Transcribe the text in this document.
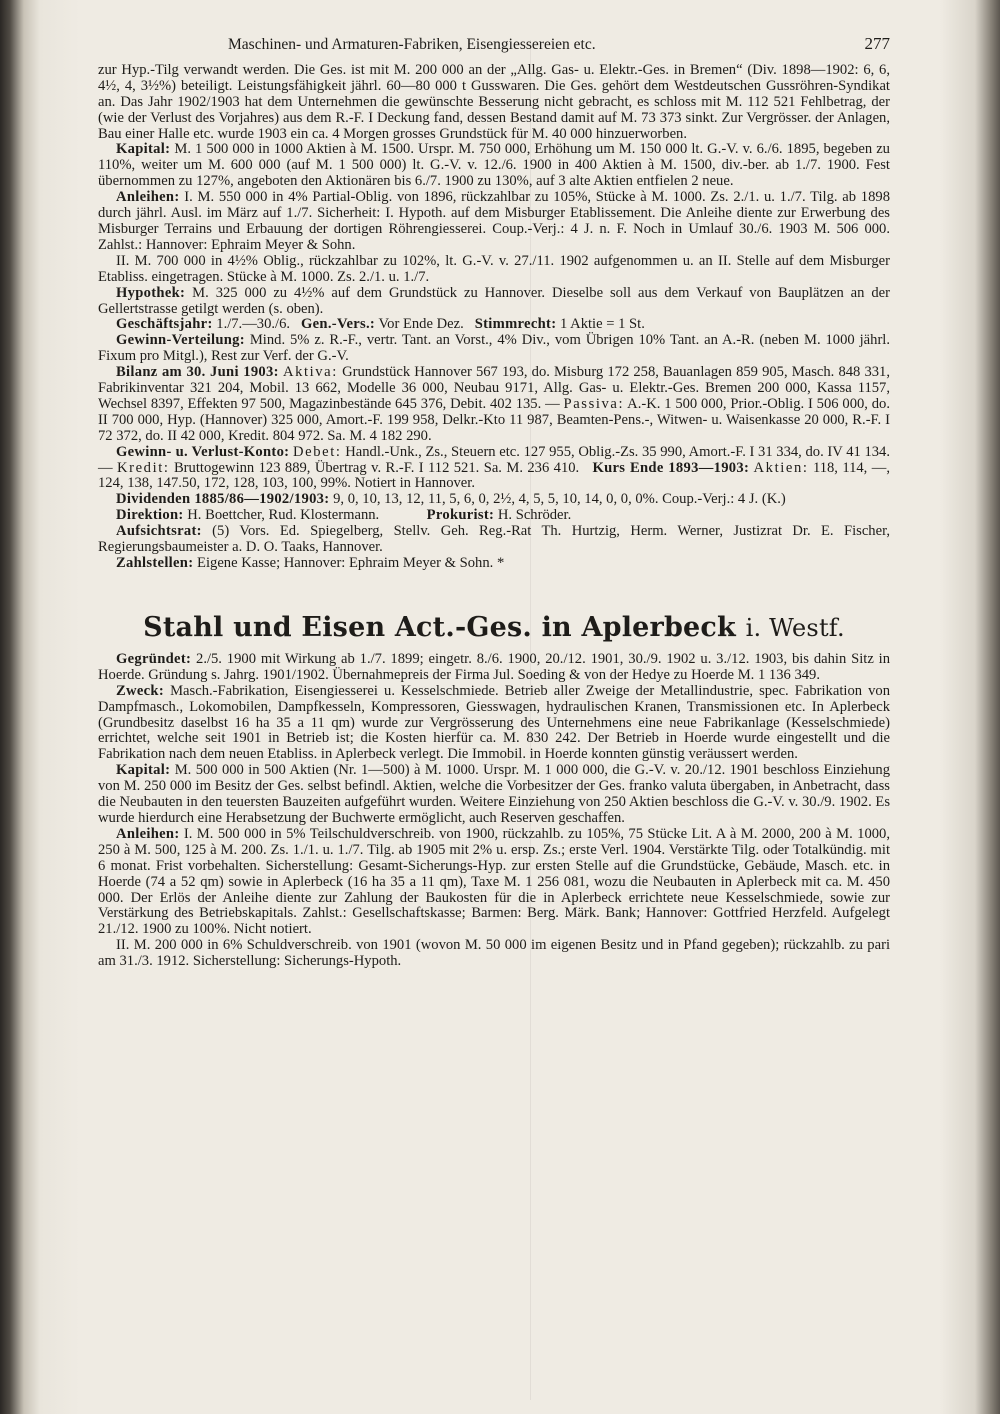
Maschinen- und Armaturen-Fabriken, Eisengiessereien etc.	277

zur Hyp.-Tilg verwandt werden. Die Ges. ist mit M. 200 000 an der „Allg. Gas- u. Elektr.-Ges. in Bremen“ (Div. 1898—1902: 6, 6, 4½, 4, 3½%) beteiligt. Leistungsfähigkeit jährl. 60—80 000 t Gusswaren. Die Ges. gehört dem Westdeutschen Gussröhren-Syndikat an. Das Jahr 1902/1903 hat dem Unternehmen die gewünschte Besserung nicht gebracht, es schloss mit M. 112 521 Fehlbetrag, der (wie der Verlust des Vorjahres) aus dem R.-F. I Deckung fand, dessen Bestand damit auf M. 73 373 sinkt. Zur Vergrösser. der Anlagen, Bau einer Halle etc. wurde 1903 ein ca. 4 Morgen grosses Grundstück für M. 40 000 hinzuerworben.

Kapital: M. 1 500 000 in 1000 Aktien à M. 1500. Urspr. M. 750 000, Erhöhung um M. 150 000 lt. G.-V. v. 6./6. 1895, begeben zu 110%, weiter um M. 600 000 (auf M. 1 500 000) lt. G.-V. v. 12./6. 1900 in 400 Aktien à M. 1500, div.-ber. ab 1./7. 1900. Fest übernommen zu 127%, angeboten den Aktionären bis 6./7. 1900 zu 130%, auf 3 alte Aktien entfielen 2 neue.

Anleihen: I. M. 550 000 in 4% Partial-Oblig. von 1896, rückzahlbar zu 105%, Stücke à M. 1000. Zs. 2./1. u. 1./7. Tilg. ab 1898 durch jährl. Ausl. im März auf 1./7. Sicherheit: I. Hypoth. auf dem Misburger Etablissement. Die Anleihe diente zur Erwerbung des Misburger Terrains und Erbauung der dortigen Röhrengiesserei. Coup.-Verj.: 4 J. n. F. Noch in Umlauf 30./6. 1903 M. 506 000. Zahlst.: Hannover: Ephraim Meyer & Sohn.

II. M. 700 000 in 4½% Oblig., rückzahlbar zu 102%, lt. G.-V. v. 27./11. 1902 aufgenommen u. an II. Stelle auf dem Misburger Etabliss. eingetragen. Stücke à M. 1000. Zs. 2./1. u. 1./7.

Hypothek: M. 325 000 zu 4½% auf dem Grundstück zu Hannover. Dieselbe soll aus dem Verkauf von Bauplätzen an der Gellertstrasse getilgt werden (s. oben).

Geschäftsjahr: 1./7.—30./6. Gen.-Vers.: Vor Ende Dez. Stimmrecht: 1 Aktie = 1 St.

Gewinn-Verteilung: Mind. 5% z. R.-F., vertr. Tant. an Vorst., 4% Div., vom Übrigen 10% Tant. an A.-R. (neben M. 1000 jährl. Fixum pro Mitgl.), Rest zur Verf. der G.-V.

Bilanz am 30. Juni 1903: Aktiva: Grundstück Hannover 567 193, do. Misburg 172 258, Bauanlagen 859 905, Masch. 848 331, Fabrikinventar 321 204, Mobil. 13 662, Modelle 36 000, Neubau 9171, Allg. Gas- u. Elektr.-Ges. Bremen 200 000, Kassa 1157, Wechsel 8397, Effekten 97 500, Magazinbestände 645 376, Debit. 402 135. — Passiva: A.-K. 1 500 000, Prior.-Oblig. I 506 000, do. II 700 000, Hyp. (Hannover) 325 000, Amort.-F. 199 958, Delkr.-Kto 11 987, Beamten-Pens.-, Witwen- u. Waisenkasse 20 000, R.-F. I 72 372, do. II 42 000, Kredit. 804 972. Sa. M. 4 182 290.

Gewinn- u. Verlust-Konto: Debet: Handl.-Unk., Zs., Steuern etc. 127 955, Oblig.-Zs. 35 990, Amort.-F. I 31 334, do. IV 41 134. — Kredit: Bruttogewinn 123 889, Übertrag v. R.-F. I 112 521. Sa. M. 236 410. Kurs Ende 1893—1903: Aktien: 118, 114, —, 124, 138, 147.50, 172, 128, 103, 100, 99%. Notiert in Hannover.

Dividenden 1885/86—1902/1903: 9, 0, 10, 13, 12, 11, 5, 6, 0, 2½, 4, 5, 5, 10, 14, 0, 0, 0%. Coup.-Verj.: 4 J. (K.)

Direktion: H. Boettcher, Rud. Klostermann.	Prokurist: H. Schröder.

Aufsichtsrat: (5) Vors. Ed. Spiegelberg, Stellv. Geh. Reg.-Rat Th. Hurtzig, Herm. Werner, Justizrat Dr. E. Fischer, Regierungsbaumeister a. D. O. Taaks, Hannover.

Zahlstellen: Eigene Kasse; Hannover: Ephraim Meyer & Sohn. *

Stahl und Eisen Act.-Ges. in Aplerbeck i. Westf.

Gegründet: 2./5. 1900 mit Wirkung ab 1./7. 1899; eingetr. 8./6. 1900, 20./12. 1901, 30./9. 1902 u. 3./12. 1903, bis dahin Sitz in Hoerde. Gründung s. Jahrg. 1901/1902. Übernahmepreis der Firma Jul. Soeding & von der Hedye zu Hoerde M. 1 136 349.

Zweck: Masch.-Fabrikation, Eisengiesserei u. Kesselschmiede. Betrieb aller Zweige der Metallindustrie, spec. Fabrikation von Dampfmasch., Lokomobilen, Dampfkesseln, Kompressoren, Giesswagen, hydraulischen Kranen, Transmissionen etc. In Aplerbeck (Grundbesitz daselbst 16 ha 35 a 11 qm) wurde zur Vergrösserung des Unternehmens eine neue Fabrikanlage (Kesselschmiede) errichtet, welche seit 1901 in Betrieb ist; die Kosten hierfür ca. M. 830 242. Der Betrieb in Hoerde wurde eingestellt und die Fabrikation nach dem neuen Etabliss. in Aplerbeck verlegt. Die Immobil. in Hoerde konnten günstig veräussert werden.

Kapital: M. 500 000 in 500 Aktien (Nr. 1—500) à M. 1000. Urspr. M. 1 000 000, die G.-V. v. 20./12. 1901 beschloss Einziehung von M. 250 000 im Besitz der Ges. selbst befindl. Aktien, welche die Vorbesitzer der Ges. franko valuta übergaben, in Anbetracht, dass die Neubauten in den teuersten Bauzeiten aufgeführt wurden. Weitere Einziehung von 250 Aktien beschloss die G.-V. v. 30./9. 1902. Es wurde hierdurch eine Herabsetzung der Buchwerte ermöglicht, auch Reserven geschaffen.

Anleihen: I. M. 500 000 in 5% Teilschuldverschreib. von 1900, rückzahlb. zu 105%, 75 Stücke Lit. A à M. 2000, 200 à M. 1000, 250 à M. 500, 125 à M. 200. Zs. 1./1. u. 1./7. Tilg. ab 1905 mit 2% u. ersp. Zs.; erste Verl. 1904. Verstärkte Tilg. oder Totalkündig. mit 6 monat. Frist vorbehalten. Sicherstellung: Gesamt-Sicherungs-Hyp. zur ersten Stelle auf die Grundstücke, Gebäude, Masch. etc. in Hoerde (74 a 52 qm) sowie in Aplerbeck (16 ha 35 a 11 qm), Taxe M. 1 256 081, wozu die Neubauten in Aplerbeck mit ca. M. 450 000. Der Erlös der Anleihe diente zur Zahlung der Baukosten für die in Aplerbeck errichtete neue Kesselschmiede, sowie zur Verstärkung des Betriebskapitals. Zahlst.: Gesellschaftskasse; Barmen: Berg. Märk. Bank; Hannover: Gottfried Herzfeld. Aufgelegt 21./12. 1900 zu 100%. Nicht notiert.

II. M. 200 000 in 6% Schuldverschreib. von 1901 (wovon M. 50 000 im eigenen Besitz und in Pfand gegeben); rückzahlb. zu pari am 31./3. 1912. Sicherstellung: Sicherungs-Hypoth.
